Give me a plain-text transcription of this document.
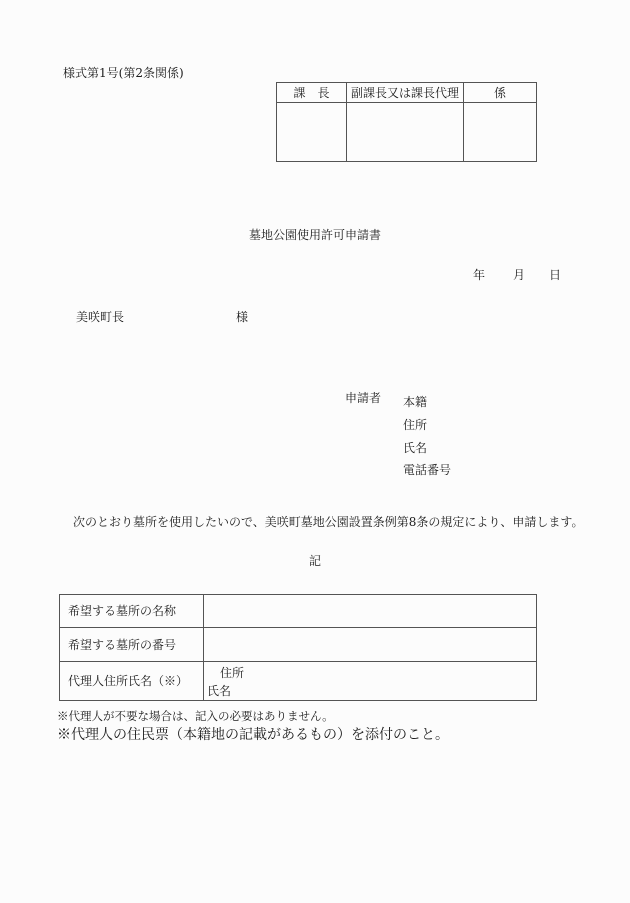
様式第1号(第2条関係)
課　長	副課長又は課長代理	係

墓地公園使用許可申請書
年 月 日
美咲町長	様
申請者 本籍
住所
氏名
電話番号
次のとおり墓所を使用したいので、美咲町墓地公園設置条例第8条の規定により、申請します。
記
希望する墓所の名称	
希望する墓所の番号	
代理人住所氏名（※）	住所
氏名
※代理人が不要な場合は、記入の必要はありません。
※代理人の住民票（本籍地の記載があるもの）を添付のこと。
